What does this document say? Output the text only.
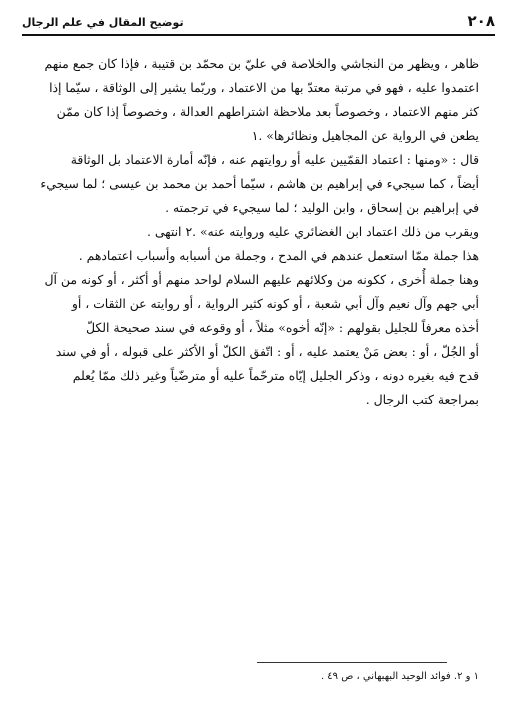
٢٠٨
توضيح المقال في علم الرجال
ظاهر ، ويظهر من النجاشي والخلاصة في عليّ بن محمّد بن قتيبة ، فإذا كان جمع منهم
اعتمدوا عليه ، فهو في مرتبة معتدّ بها من الاعتماد ، وربّما يشير إلى الوثاقة ، سيّما إذا
كثر منهم الاعتماد ، وخصوصاً بعد ملاحظة اشتراطهم العدالة ، وخصوصاً إذا كان ممّن
يطعن في الرواية عن المجاهيل ونظائرها» .١
قال : «ومنها : اعتماد القمّيين عليه أو روايتهم عنه ، فإنّه أمارة الاعتماد بل الوثاقة
أيضاً ، كما سيجيء في إبراهيم بن هاشم ، سيّما أحمد بن محمد بن عيسى ؛ لما سيجيء
في إبراهيم بن إسحاق ، وابن الوليد ؛ لما سيجيء في ترجمته .
ويقرب من ذلك اعتماد ابن الغضائري عليه وروايته عنه» .٢ انتهى .
هذا جملة ممّا استعمل عندهم في المدح ، وجملة من أسبابه وأسباب اعتمادهم .
وهنا جملة أُخرى ، ككونه من وكلائهم عليهم السلام لواحد منهم أو أكثر ، أو كونه من آل
أبي جهم وآل نعيم وآل أبي شعبة ، أو كونه كثير الرواية ، أو روايته عن الثقات ، أو
أخذه معرفاً للجليل بقولهم : «إنّه أخوه» مثلاً ، أو وقوعه في سند صحيحة الكلّ
أو الجُلّ ، أو : بعض مَنْ يعتمد عليه ، أو : اتّفق الكلّ أو الأكثر على قبوله ، أو في سند
قدح فيه بغيره دونه ، وذكر الجليل إيّاه مترحّماً عليه أو مترضّياً وغير ذلك ممّا يُعلم
بمراجعة كتب الرجال .
١ و ٢. فوائد الوحيد البهبهاني ، ص ٤٩ .
